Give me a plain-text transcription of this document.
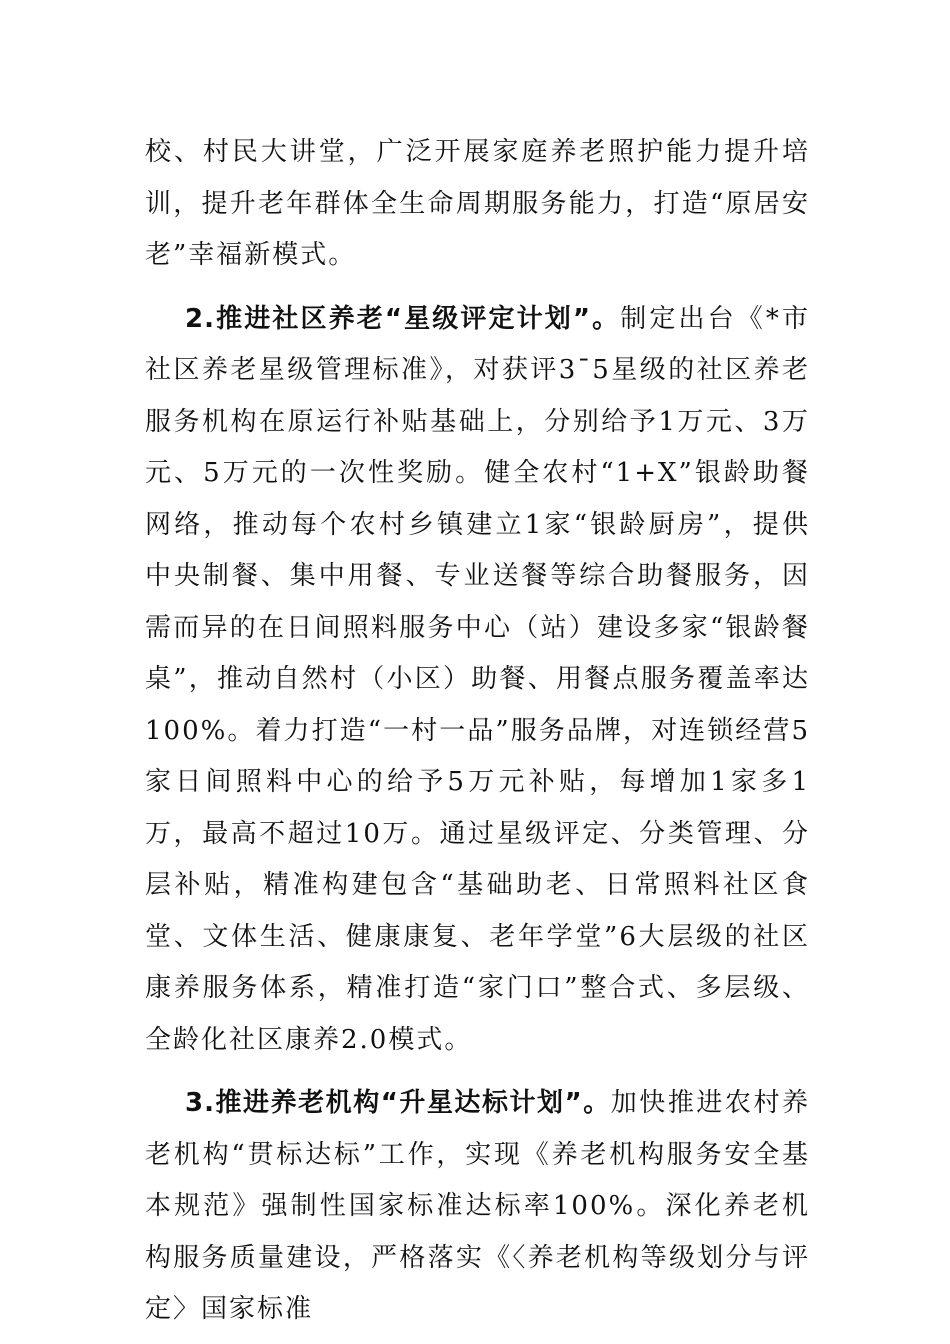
校、村民大讲堂，广泛开展家庭养老照护能力提升培训，提升老年群体全生命周期服务能力，打造“原居安老”幸福新模式。

2.推进社区养老“星级评定计划”。制定出台《*市社区养老星级管理标准》，对获评3¯5星级的社区养老服务机构在原运行补贴基础上，分别给予1万元、3万元、5万元的一次性奖励。健全农村“1+X”银龄助餐网络，推动每个农村乡镇建立1家“银龄厨房”，提供中央制餐、集中用餐、专业送餐等综合助餐服务，因需而异的在日间照料服务中心（站）建设多家“银龄餐桌”，推动自然村（小区）助餐、用餐点服务覆盖率达100%。着力打造“一村一品”服务品牌，对连锁经营5家日间照料中心的给予5万元补贴，每增加1家多1万，最高不超过10万。通过星级评定、分类管理、分层补贴，精准构建包含“基础助老、日常照料社区食堂、文体生活、健康康复、老年学堂”6大层级的社区康养服务体系，精准打造“家门口”整合式、多层级、全龄化社区康养2.0模式。

3.推进养老机构“升星达标计划”。加快推进农村养老机构“贯标达标”工作，实现《养老机构服务安全基本规范》强制性国家标准达标率100%。深化养老机构服务质量建设，严格落实《〈养老机构等级划分与评定〉国家标准
